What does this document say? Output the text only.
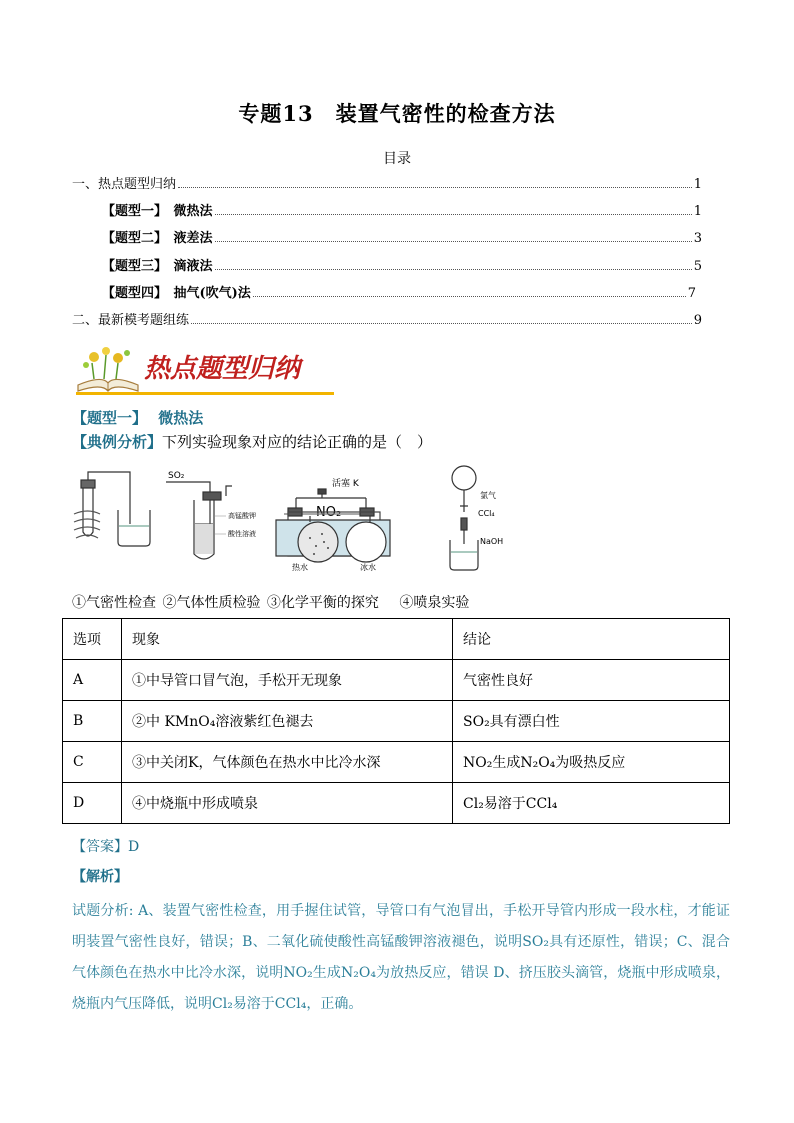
专题13　装置气密性的检查方法
目录
一、热点题型归纳	1
【题型一】　微热法	1
【题型二】　液差法	3
【题型三】　滴液法	5
【题型四】　抽气(吹气)法	7
二、最新模考题组练	9
热点题型归纳
【题型一】 微热法
【典例分析】下列实验现象对应的结论正确的是（　）
SO₂
高锰酸钾
酸性溶液
活塞 K
NO₂
热水	冰水
氯气
CCl₄
NaOH
①气密性检查 ②气体性质检验 ③化学平衡的探究　 ④喷泉实验
选项	现象	结论
A	①中导管口冒气泡，手松开无现象	气密性良好
B	②中 KMnO₄溶液紫红色褪去	SO₂具有漂白性
C	③中关闭K，气体颜色在热水中比冷水深	NO₂生成N₂O₄为吸热反应
D	④中烧瓶中形成喷泉	Cl₂易溶于CCl₄
【答案】D
【解析】
试题分析: A、装置气密性检查，用手握住试管，导管口有气泡冒出，手松开导管内形成一段水柱，才能证明装置气密性良好，错误；B、二氧化硫使酸性高锰酸钾溶液褪色，说明SO₂具有还原性，错误；C、混合气体颜色在热水中比冷水深，说明NO₂生成N₂O₄为放热反应，错误 D、挤压胶头滴管，烧瓶中形成喷泉，烧瓶内气压降低，说明Cl₂易溶于CCl₄，正确。
